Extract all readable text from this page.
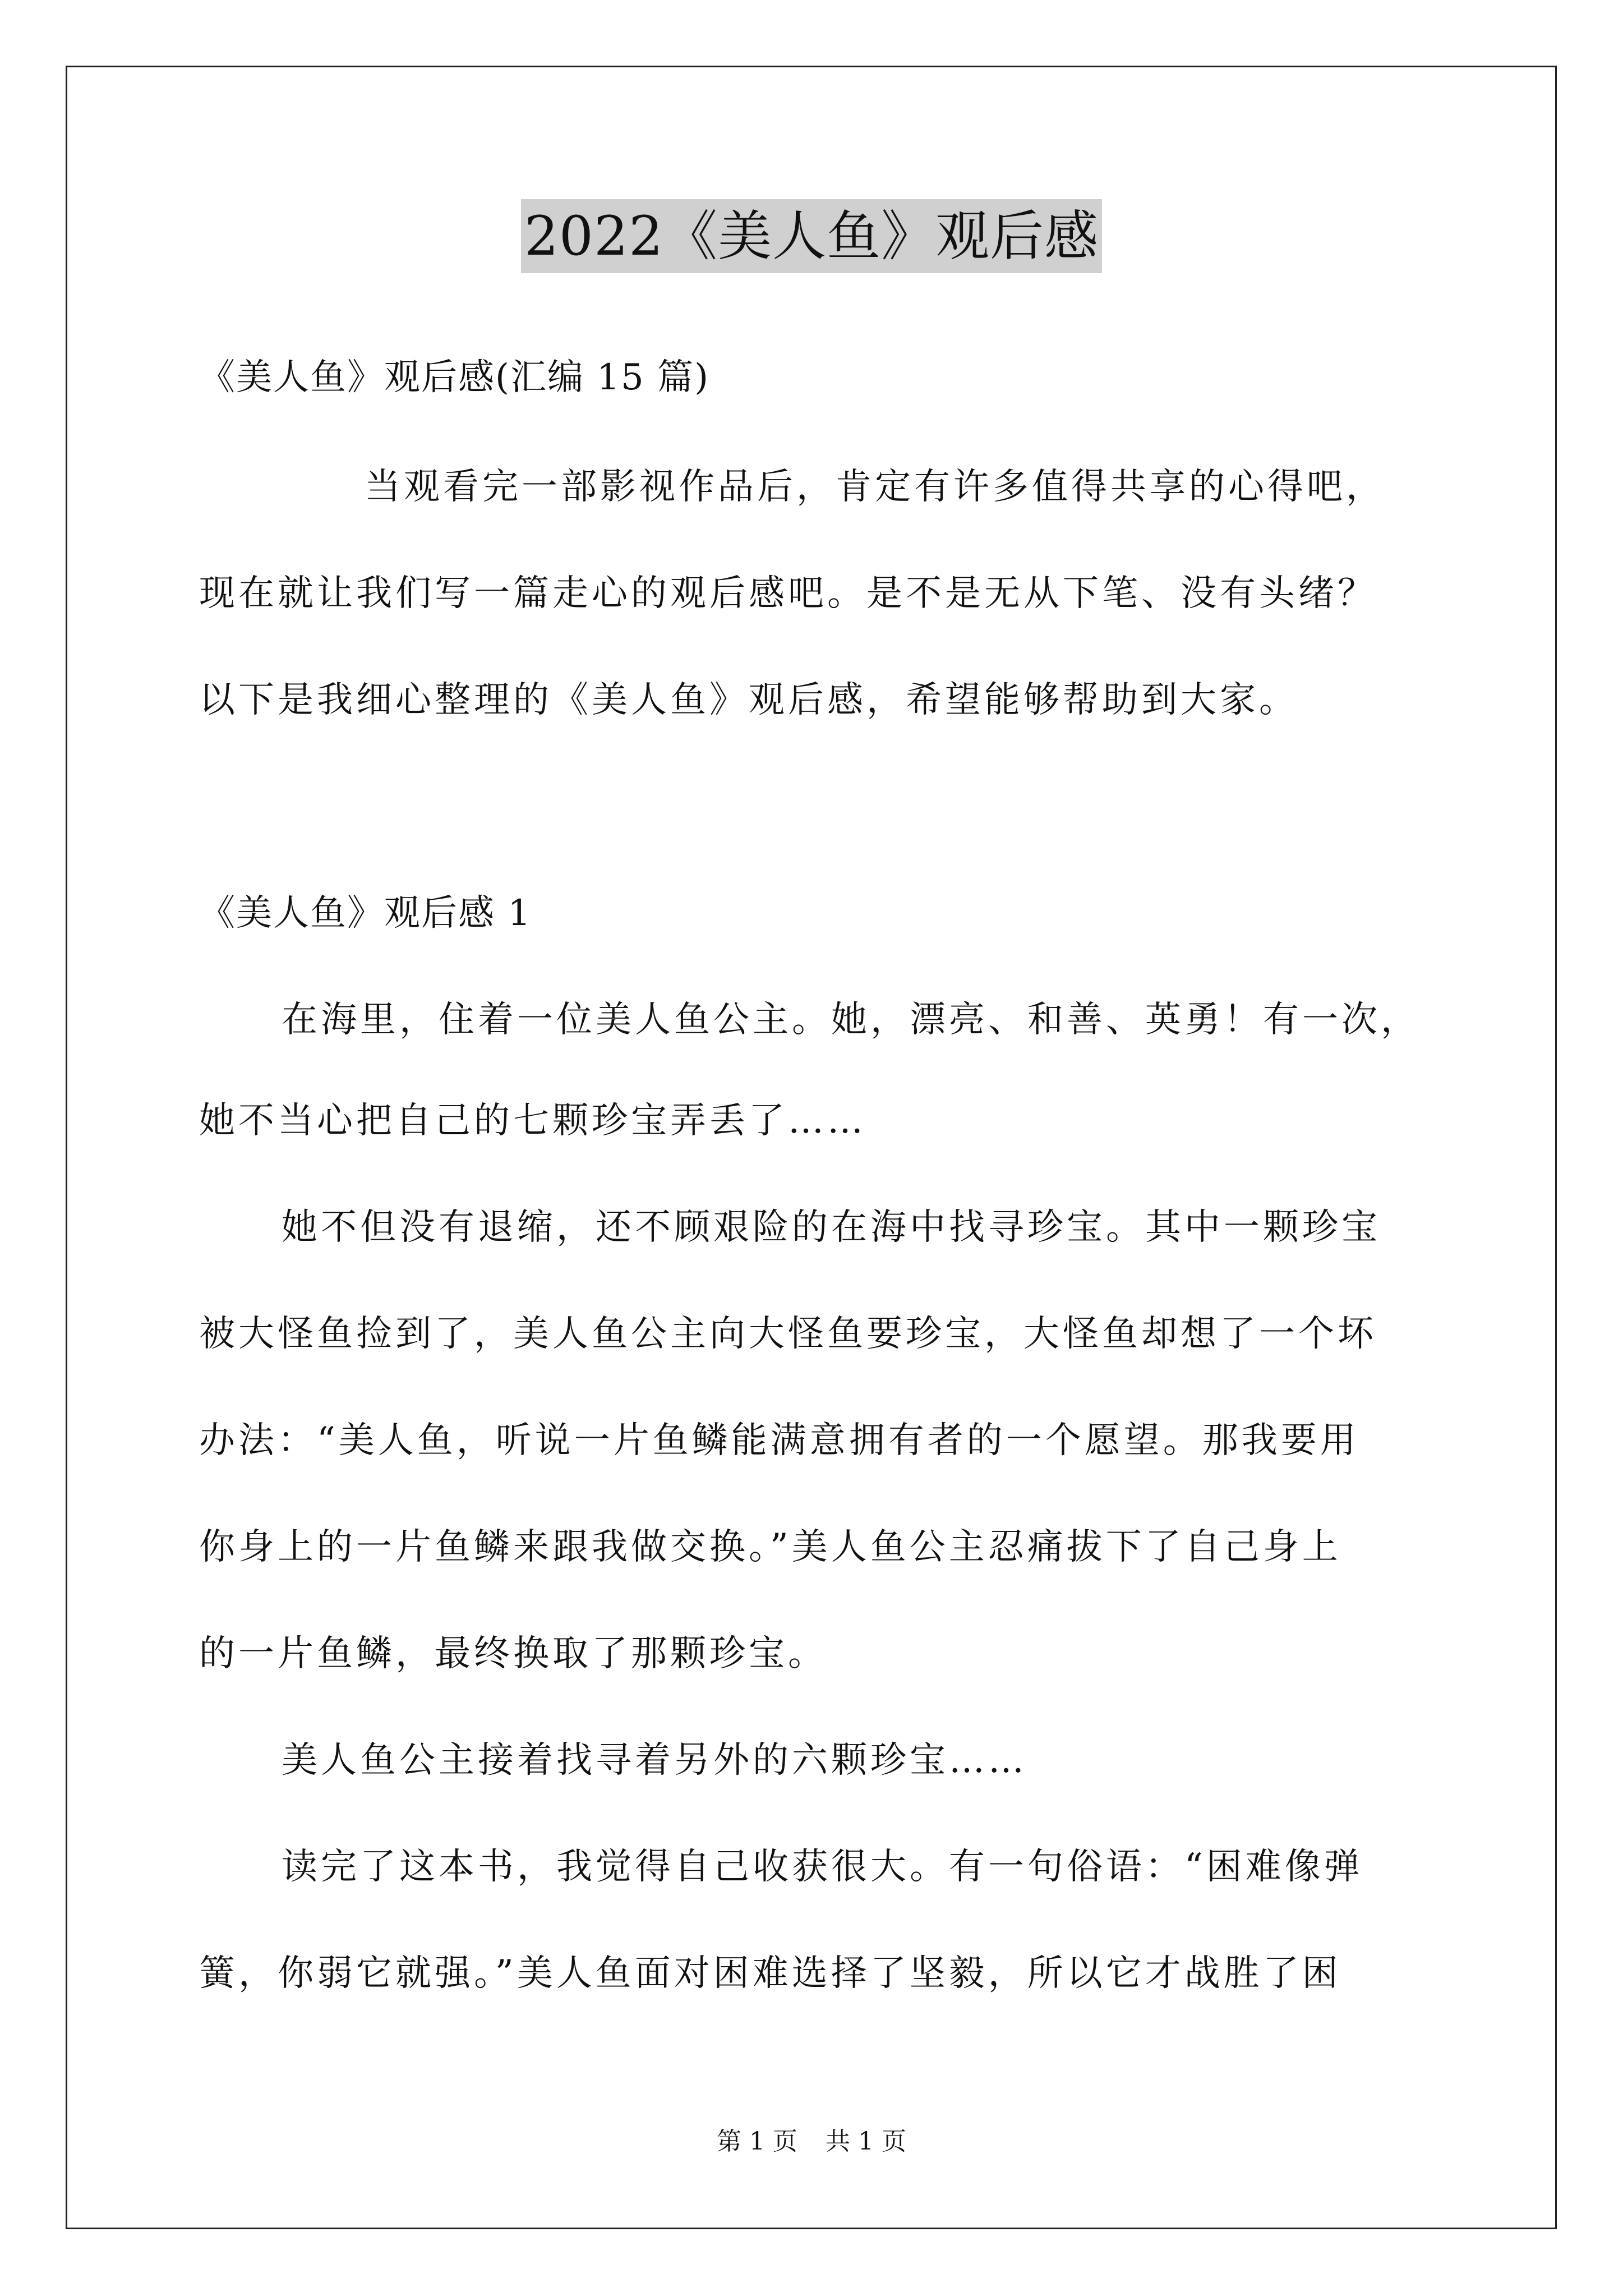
2022《美人鱼》观后感
《美人鱼》观后感(汇编 15 篇)
当观看完一部影视作品后，肯定有许多值得共享的心得吧，
现在就让我们写一篇走心的观后感吧。是不是无从下笔、没有头绪？
以下是我细心整理的《美人鱼》观后感，希望能够帮助到大家。
《美人鱼》观后感 1
在海里，住着一位美人鱼公主。她，漂亮、和善、英勇！有一次，
她不当心把自己的七颗珍宝弄丢了……
她不但没有退缩，还不顾艰险的在海中找寻珍宝。其中一颗珍宝
被大怪鱼捡到了，美人鱼公主向大怪鱼要珍宝，大怪鱼却想了一个坏
办法：“美人鱼，听说一片鱼鳞能满意拥有者的一个愿望。那我要用
你身上的一片鱼鳞来跟我做交换。”美人鱼公主忍痛拔下了自己身上
的一片鱼鳞，最终换取了那颗珍宝。
美人鱼公主接着找寻着另外的六颗珍宝……
读完了这本书，我觉得自己收获很大。有一句俗语：“困难像弹
簧，你弱它就强。”美人鱼面对困难选择了坚毅，所以它才战胜了困
第 1 页 共 1 页
